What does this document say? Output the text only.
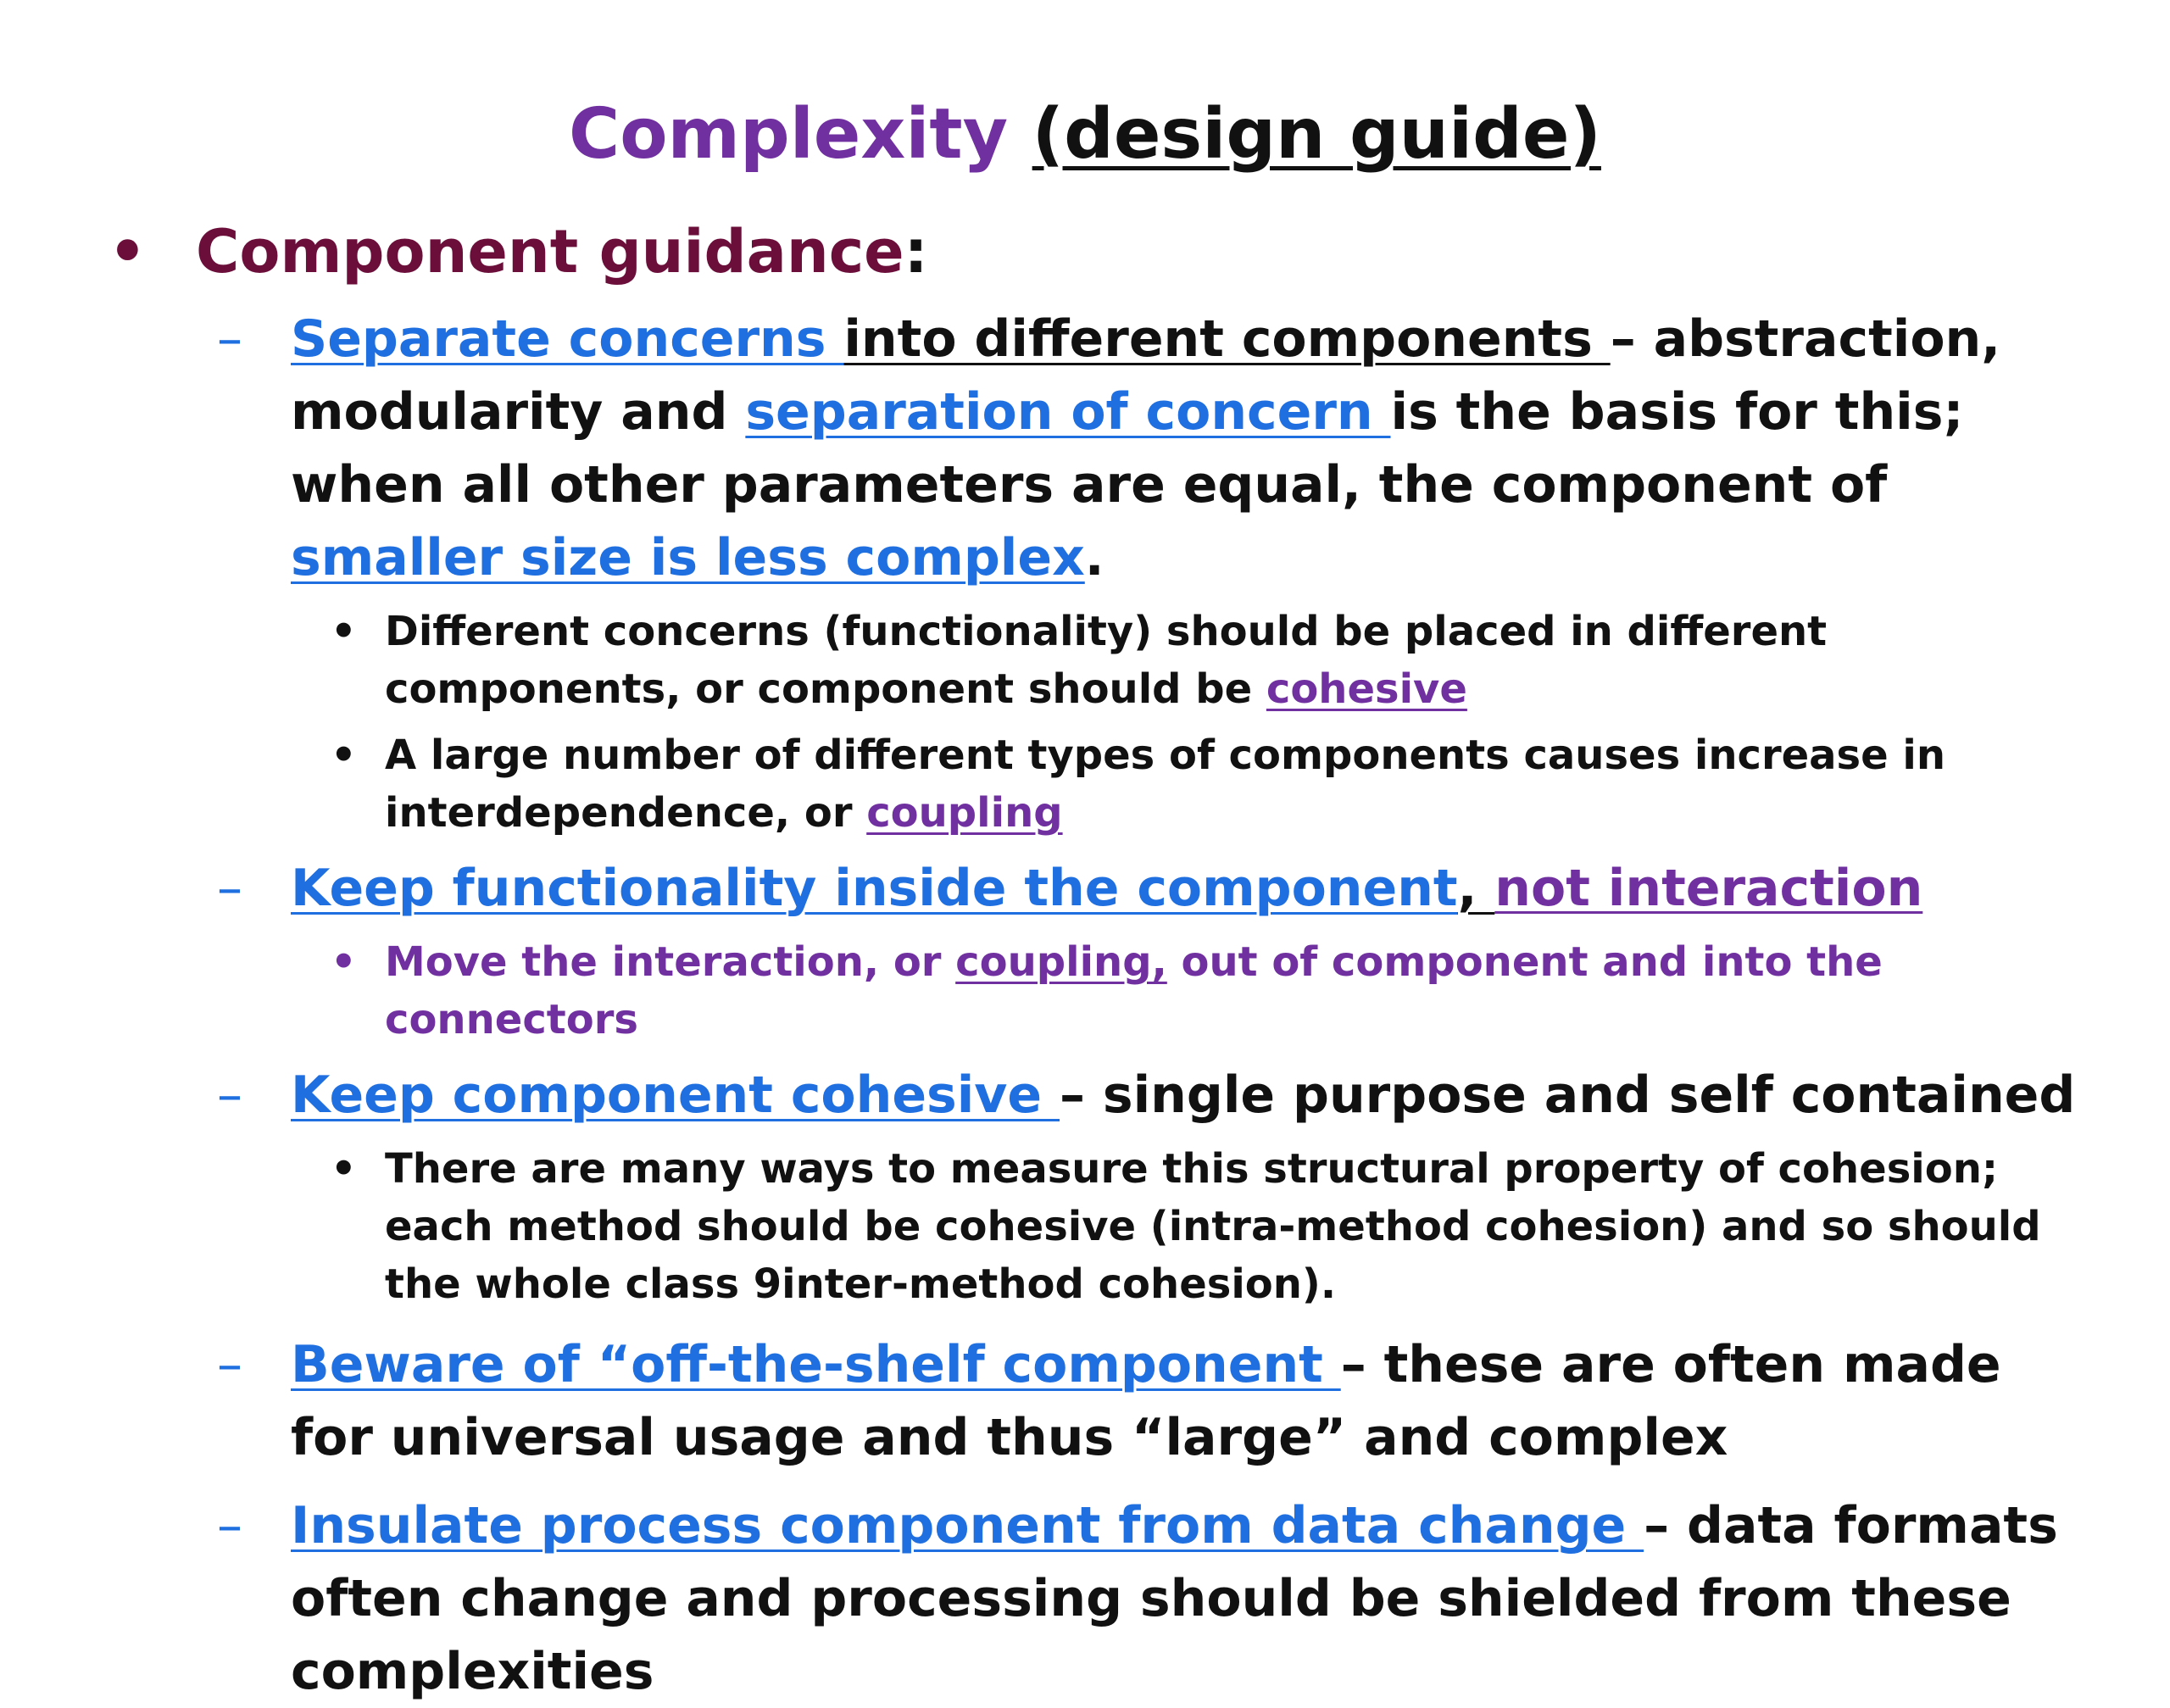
Complexity (design guide)
• Component guidance:
– Separate concerns into different components – abstraction, modularity and separation of concern is the basis for this; when all other parameters are equal, the component of smaller size is less complex.
• Different concerns (functionality) should be placed in different components, or component should be cohesive
• A large number of different types of components causes increase in interdependence, or coupling
– Keep functionality inside the component, not interaction
• Move the interaction, or coupling, out of component and into the connectors
– Keep component cohesive – single purpose and self contained
• There are many ways to measure this structural property of cohesion; each method should be cohesive (intra-method cohesion) and so should the whole class 9inter-method cohesion).
– Beware of “off-the-shelf component – these are often made for universal usage and thus “large” and complex
– Insulate process component from data change – data formats often change and processing should be shielded from these complexities
